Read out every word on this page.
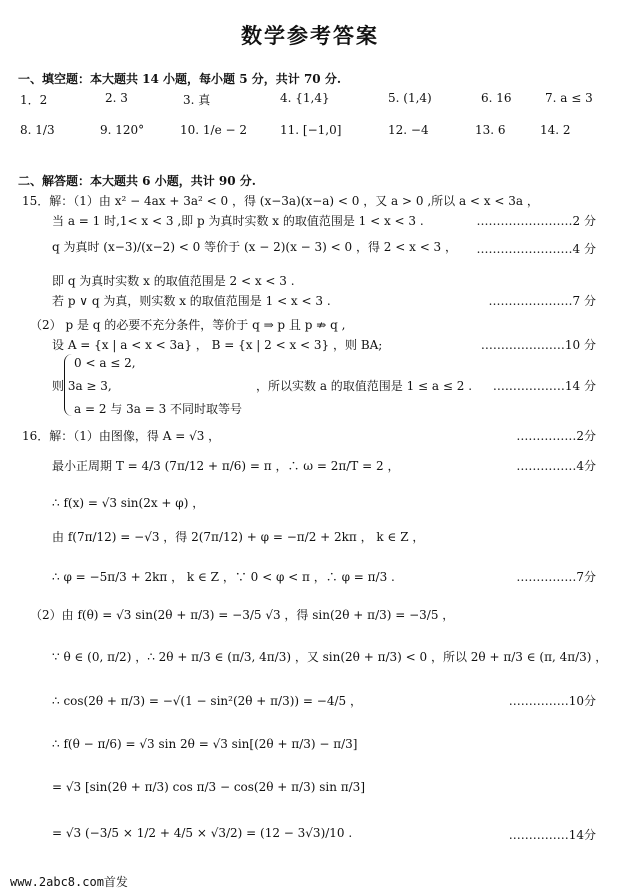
数学参考答案
一、填空题：本大题共 14 小题，每小题 5 分，共计 70 分.
1．2	2. 3	3. 真	4. {1,4}	5. (1,4)	6. 16	7. a ≤ 3
8. 1/3	9. 120°	10. 1/e − 2	11. [−1,0]	12. −4	13. 6	14. 2
二、解答题：本大题共 6 小题，共计 90 分.
15．解：（1）由 x² − 4ax + 3a² < 0 ，得 (x−3a)(x−a) < 0 ，又 a > 0 ,所以 a < x < 3a ，
当 a = 1 时,1< x < 3 ,即 p 为真时实数 x 的取值范围是 1 < x < 3 .	……………………2 分
q 为真时 (x−3)/(x−2) < 0 等价于 (x − 2)(x − 3) < 0 ，得 2 < x < 3 ， ……………………4 分
即 q 为真时实数 x 的取值范围是 2 < x < 3 .
若 p ∨ q 为真，则实数 x 的取值范围是 1 < x < 3 .	…………………7 分
（2） p 是 q 的必要不充分条件，等价于 q ⇒ p 且 p ⇏ q ,
设 A = {x | a < x < 3a} ， B = {x | 2 < x < 3} ，则 BA;	…………………10 分
0 < a ≤ 2,
则 3a ≥ 3,	，所以实数 a 的取值范围是 1 ≤ a ≤ 2 . ………………14 分
a = 2 与 3a = 3 不同时取等号
16．解：（1）由图像，得 A = √3 ，	……………2分
最小正周期 T = 4/3 (7π/12 + π/6) = π ，∴ ω = 2π/T = 2 ，	……………4分
∴ f(x) = √3 sin(2x + φ) ，
由 f(7π/12) = −√3 ，得 2(7π/12) + φ = −π/2 + 2kπ ， k ∈ Z ，
∴ φ = −5π/3 + 2kπ ， k ∈ Z ，∵ 0 < φ < π ，∴ φ = π/3 .	……………7分
（2）由 f(θ) = √3 sin(2θ + π/3) = −3/5 √3 ，得 sin(2θ + π/3) = −3/5 ，
∵ θ ∈ (0, π/2) ，∴ 2θ + π/3 ∈ (π/3, 4π/3) ，又 sin(2θ + π/3) < 0 ，所以 2θ + π/3 ∈ (π, 4π/3) ，
∴ cos(2θ + π/3) = −√(1 − sin²(2θ + π/3)) = −4/5 ，	……………10分
∴ f(θ − π/6) = √3 sin 2θ = √3 sin[(2θ + π/3) − π/3]
= √3 [sin(2θ + π/3) cos π/3 − cos(2θ + π/3) sin π/3]
= √3 (−3/5 × 1/2 + 4/5 × √3/2) = (12 − 3√3)/10 .	……………14分
www.2abc8.com首发
